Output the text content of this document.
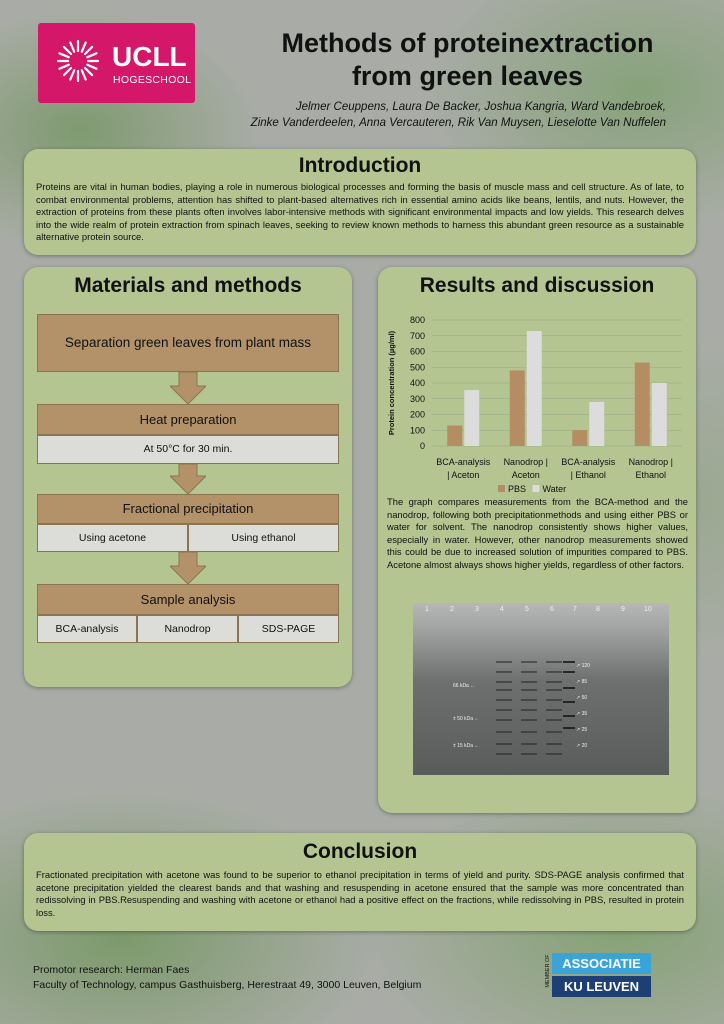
UCLL
HOGESCHOOL
Methods of proteinextraction
from green leaves
Jelmer Ceuppens, Laura De Backer, Joshua Kangria, Ward Vandebroek,
Zinke Vanderdeelen, Anna Vercauteren, Rik Van Muysen, Lieselotte Van Nuffelen
Introduction
Proteins are vital in human bodies, playing a role in numerous biological processes and forming the basis of muscle mass and cell structure. As of late, to combat environmental problems, attention has shifted to plant-based alternatives rich in essential amino acids like beans, lentils, and nuts. However, the extraction of proteins from these plants often involves labor-intensive methods with significant environmental impacts and low yields. This research delves into the wide realm of protein extraction from spinach leaves, seeking to review known methods to harness this abundant green resource as a sustainable alternative protein source.
Materials and methods
Separation green leaves from plant mass
Heat preparation
At 50°C for 30 min.
Fractional precipitation
Using acetone	Using ethanol
Sample analysis
BCA-analysis	Nanodrop	SDS-PAGE
Results and discussion
The graph compares measurements from the BCA-method and the nanodrop, following both precipitationmethods and using either PBS or water for solvent. The nanodrop consistently shows higher values, especially in water. However, other nanodrop measurements showed this could be due to increased solution of impurities compared to PBS. Acetone almost always shows higher yields, regardless of other factors.
Protein concentration (µg/ml)
0
100
200
300
400
500
600
700
800
BCA-analysis
| Aceton
Nanodrop |
Aceton
BCA-analysis
| Ethanol
Nanodrop |
Ethanol
PBS Water
1	2	3	4	5	6	7	8	9	10
66 kDa ←
± 50 kDa ←
± 15 kDa ←
↗ 120
↗ 85
↗ 50
↗ 35
↗ 25
↗ 20
Conclusion
Fractionated precipitation with acetone was found to be superior to ethanol precipitation in terms of yield and purity. SDS-PAGE analysis confirmed that acetone precipitation yielded the clearest bands and that washing and resuspending in acetone ensured that the sample was more concentrated than redissolving in PBS.Resuspending and washing with acetone or ethanol had a positive effect on the fractions, while redissolving in PBS, resulted in protein loss.
Promotor research: Herman Faes
Faculty of Technology, campus Gasthuisberg, Herestraat 49, 3000 Leuven, Belgium	MEMBER OF ASSOCIATIE
KU LEUVEN
